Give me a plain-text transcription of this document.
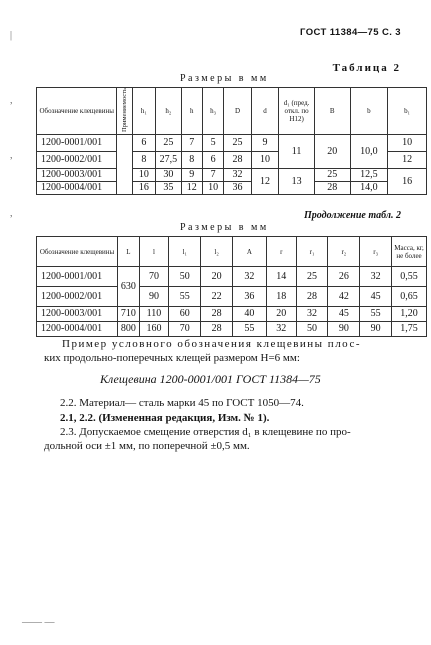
ГОСТ 11384—75 С. 3
|
,
,
,
—— —
Таблица 2
Размеры в мм
Обозначение клещевины	Применяемость	h₁	h₂	h	h₃	D	d	d₁ (пред. откл. по Н12)	B	b	b₁
1200-0001/001		6	25	7	5	25	9	11	20	10,0	10
1200-0002/001		8	27,5	8	6	28	10				12
1200-0003/001		10	30	9	7	32	12	13	25	12,5	16
1200-0004/001		16	35	12	10	36			28	14,0	
Продолжение табл. 2
Размеры в мм
Обозначение клещевины	L	l	l₁	l₂	A	r	r₁	r₂	r₃	Масса, кг, не более
1200-0001/001	630	70	50	20	32	14	25	26	32	0,55
1200-0002/001		90	55	22	36	18	28	42	45	0,65
1200-0003/001	710	110	60	28	40	20	32	45	55	1,20
1200-0004/001	800	160	70	28	55	32	50	90	90	1,75
Пример условного обозначения клещевины плос-
ких продольно-поперечных клещей размером Н=6 мм:
Клещевина 1200-0001/001 ГОСТ 11384—75
2.2. Материал— сталь марки 45 по ГОСТ 1050—74.
2.1, 2.2. (Измененная редакция, Изм. № 1).
2.3. Допускаемое смещение отверстия d₁ в клещевине по про-
дольной оси ±1 мм, по поперечной ±0,5 мм.
